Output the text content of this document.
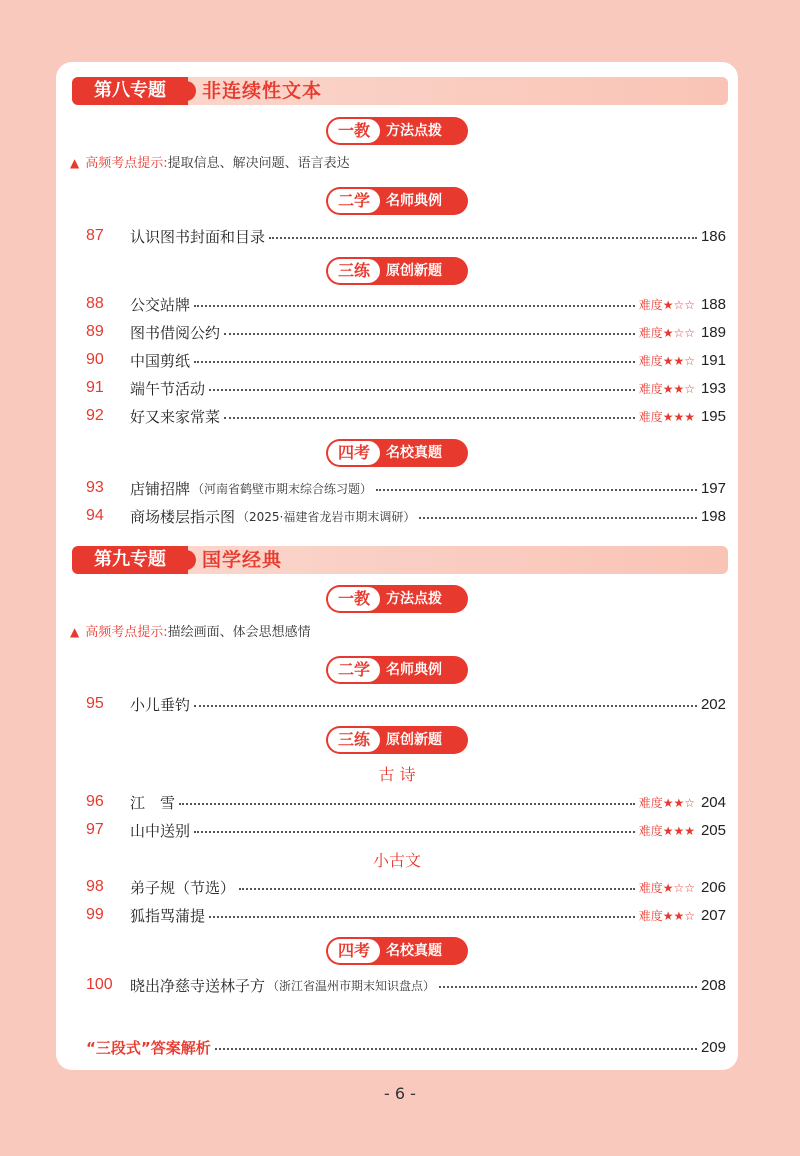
第八专题	非连续性文本
一教	方法点拨
▲ 高频考点提示:提取信息、解决问题、语言表达
二学	名师典例
87	认识图书封面和目录	186
三练	原创新题
88	公交站牌	难度★☆☆ 188
89	图书借阅公约	难度★☆☆ 189
90	中国剪纸	难度★★☆ 191
91	端午节活动	难度★★☆ 193
92	好又来家常菜	难度★★★ 195
四考	名校真题
93	店铺招牌 （河南省鹤壁市期末综合练习题）	197
94	商场楼层指示图 （2025·福建省龙岩市期末调研）	198
第九专题	国学经典
一教	方法点拨
▲ 高频考点提示:描绘画面、体会思想感情
二学	名师典例
95	小儿垂钓	202
三练	原创新题
古 诗
96	江　雪	难度★★☆ 204
97	山中送别	难度★★★ 205
小古文
98	弟子规（节选）	难度★☆☆ 206
99	狐指骂蒲提	难度★★☆ 207
四考	名校真题
100	晓出净慈寺送林子方 （浙江省温州市期末知识盘点）	208
“三段式”答案解析	209
- 6 -
